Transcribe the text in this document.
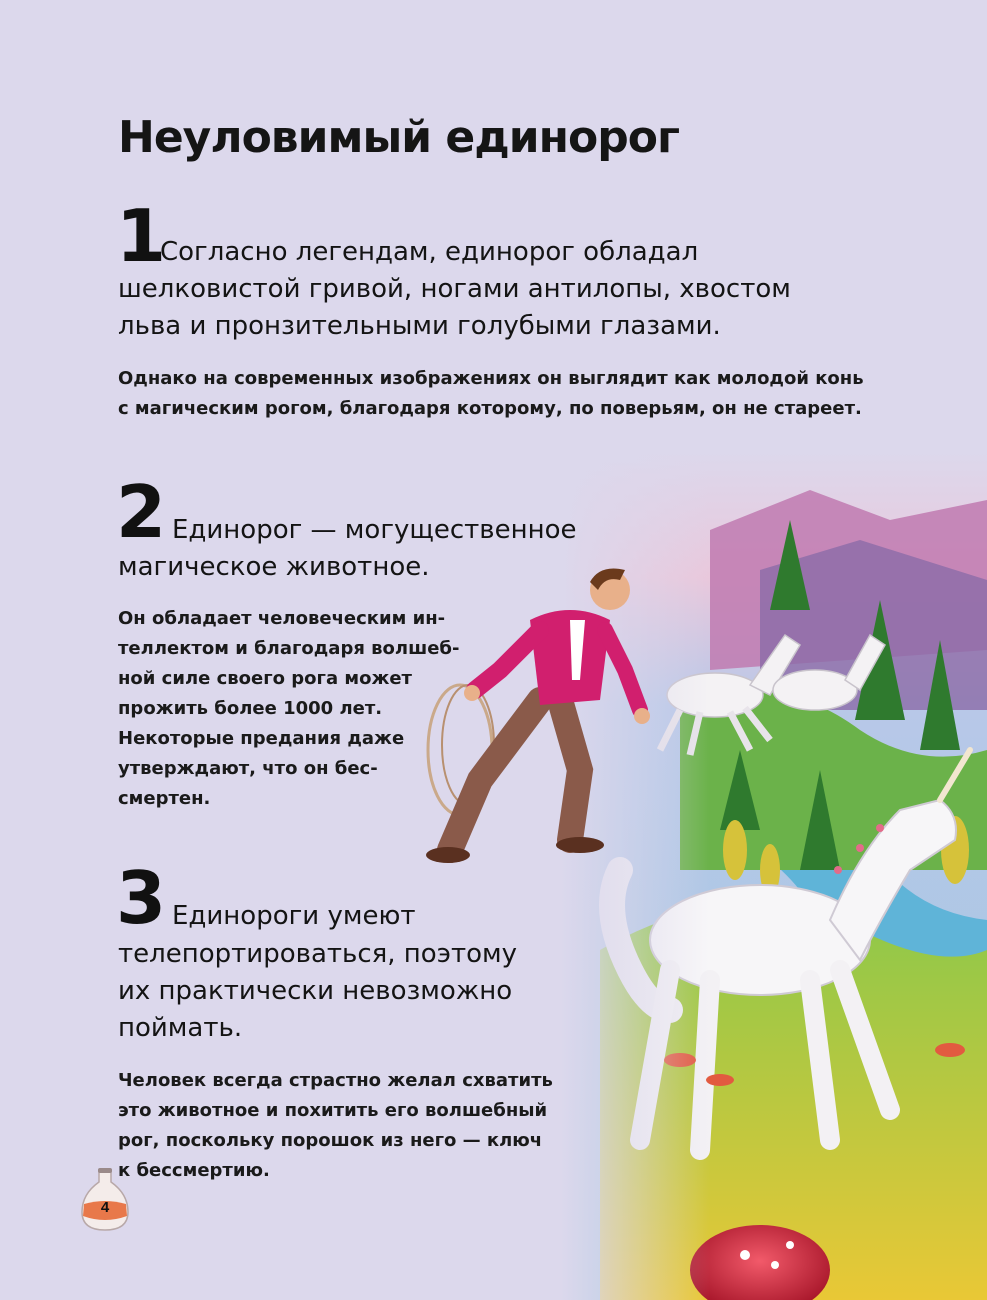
Неуловимый единорог
1
Согласно легендам, единорог обладал
шелковистой гривой, ногами антилопы, хвостом
льва и пронзительными голубыми глазами.
Однако на современных изображениях он выглядит как молодой конь
с магическим рогом, благодаря которому, по поверьям, он не стареет.
2 Единорог — могущественное
магическое животное.
Он обладает человеческим ин-
теллектом и благодаря волшеб-
ной силе своего рога может
прожить более 1000 лет.
Некоторые предания даже
утверждают, что он бес-
смертен.
3 Единороги умеют
телепортироваться, поэтому
их практически невозможно
поймать.
Человек всегда страстно желал схватить
это животное и похитить его волшебный
рог, поскольку порошок из него — ключ
к бессмертию.
4
